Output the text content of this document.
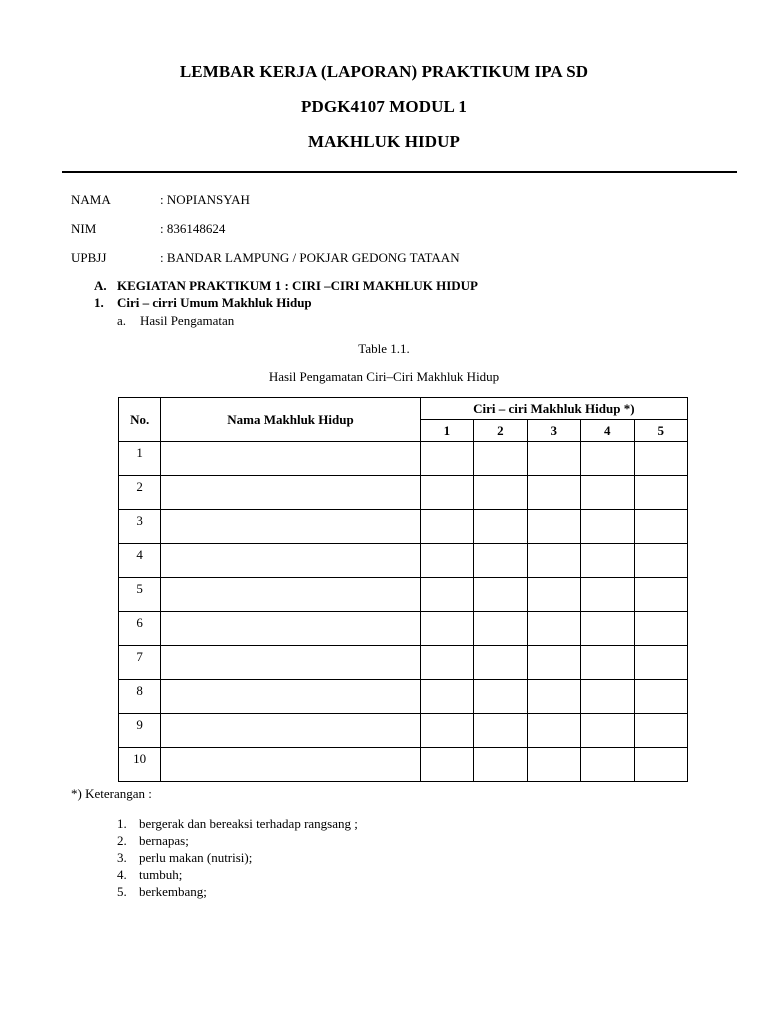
LEMBAR KERJA (LAPORAN) PRAKTIKUM IPA SD
PDGK4107 MODUL 1
MAKHLUK HIDUP
NAMA	: NOPIANSYAH
NIM	: 836148624
UPBJJ	: BANDAR LAMPUNG / POKJAR GEDONG TATAAN
A. KEGIATAN PRAKTIKUM 1 : CIRI –CIRI MAKHLUK HIDUP
1. Ciri – cirri Umum Makhluk Hidup
a. Hasil Pengamatan
Table 1.1.
Hasil Pengamatan Ciri–Ciri Makhluk Hidup
No.	Nama Makhluk Hidup	Ciri – ciri Makhluk Hidup *)				
		1	2	3	4	5
1						
2						
3						
4						
5						
6						
7						
8						
9						
10						
*) Keterangan :
1. bergerak dan bereaksi terhadap rangsang ;
2. bernapas;
3. perlu makan (nutrisi);
4. tumbuh;
5. berkembang;
